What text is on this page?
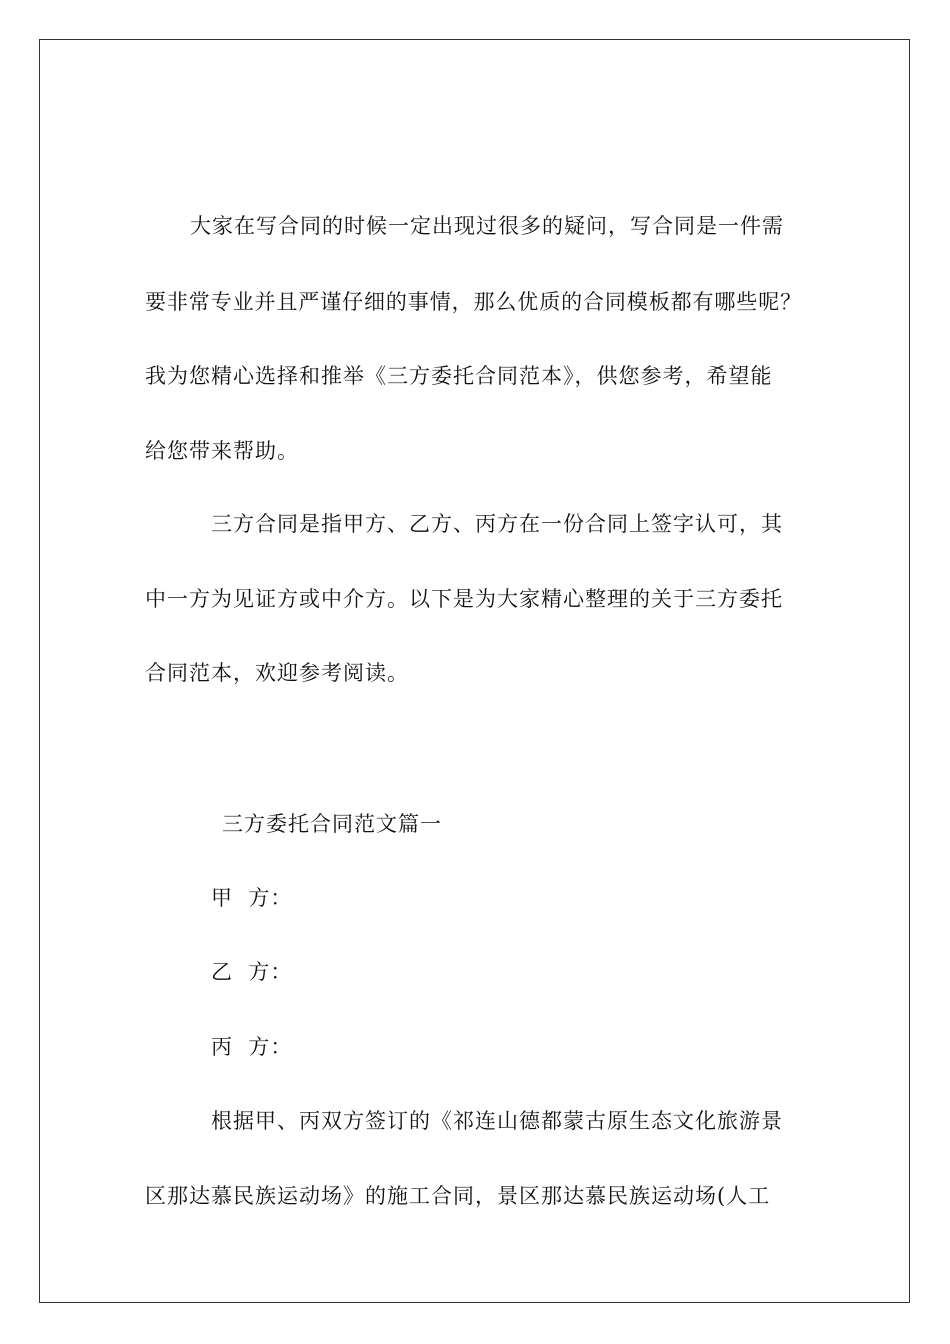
大家在写合同的时候一定出现过很多的疑问，写合同是一件需
要非常专业并且严谨仔细的事情，那么优质的合同模板都有哪些呢？
我为您精心选择和推举《三方委托合同范本》，供您参考，希望能
给您带来帮助。
三方合同是指甲方、乙方、丙方在一份合同上签字认可，其
中一方为见证方或中介方。以下是为大家精心整理的关于三方委托
合同范本，欢迎参考阅读。
三方委托合同范文篇一
甲  方：
乙  方：
丙  方：
根据甲、丙双方签订的《祁连山德都蒙古原生态文化旅游景
区那达慕民族运动场》的施工合同，景区那达慕民族运动场(人工
